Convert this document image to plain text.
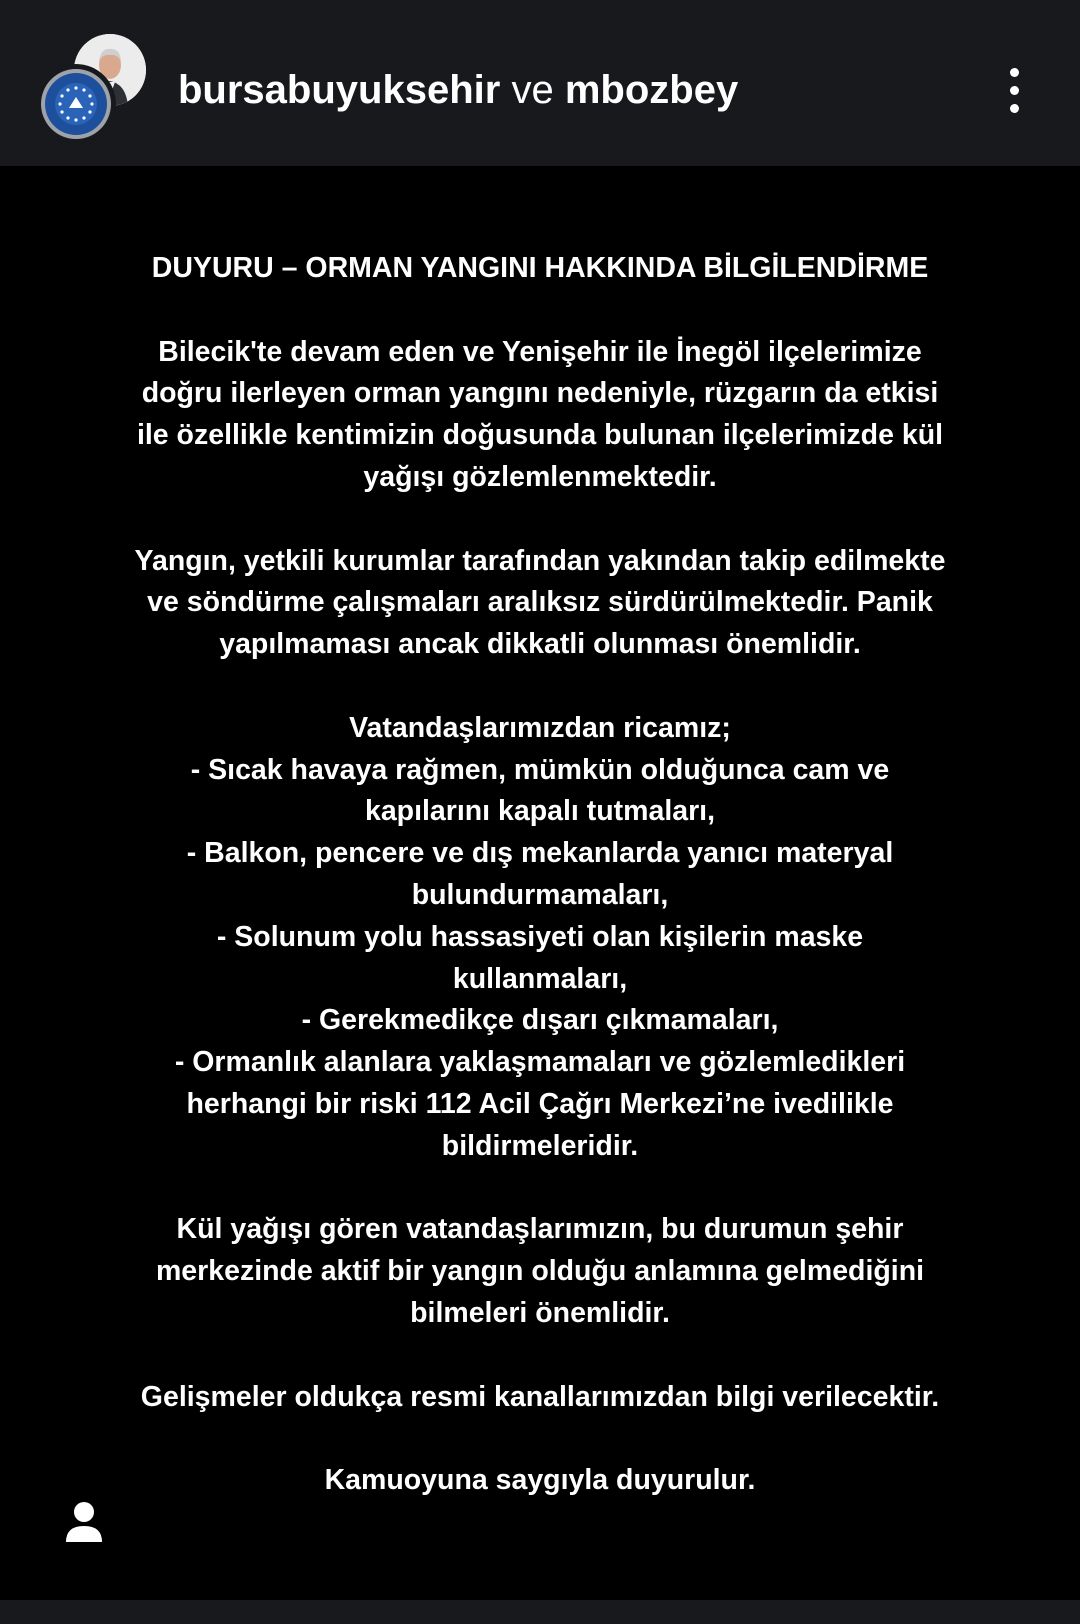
bursabuyuksehir ve mbozbey
DUYURU – ORMAN YANGINI HAKKINDA BİLGİLENDİRME
Bilecik'te devam eden ve Yenişehir ile İnegöl ilçelerimize
doğru ilerleyen orman yangını nedeniyle, rüzgarın da etkisi
ile özellikle kentimizin doğusunda bulunan ilçelerimizde kül
yağışı gözlemlenmektedir.
Yangın, yetkili kurumlar tarafından yakından takip edilmekte
ve söndürme çalışmaları aralıksız sürdürülmektedir. Panik
yapılmaması ancak dikkatli olunması önemlidir.
Vatandaşlarımızdan ricamız;
- Sıcak havaya rağmen, mümkün olduğunca cam ve
kapılarını kapalı tutmaları,
- Balkon, pencere ve dış mekanlarda yanıcı materyal
bulundurmamaları,
- Solunum yolu hassasiyeti olan kişilerin maske
kullanmaları,
- Gerekmedikçe dışarı çıkmamaları,
- Ormanlık alanlara yaklaşmamaları ve gözlemledikleri
herhangi bir riski 112 Acil Çağrı Merkezi’ne ivedilikle
bildirmeleridir.
Kül yağışı gören vatandaşlarımızın, bu durumun şehir
merkezinde aktif bir yangın olduğu anlamına gelmediğini
bilmeleri önemlidir.
Gelişmeler oldukça resmi kanallarımızdan bilgi verilecektir.
Kamuoyuna saygıyla duyurulur.
